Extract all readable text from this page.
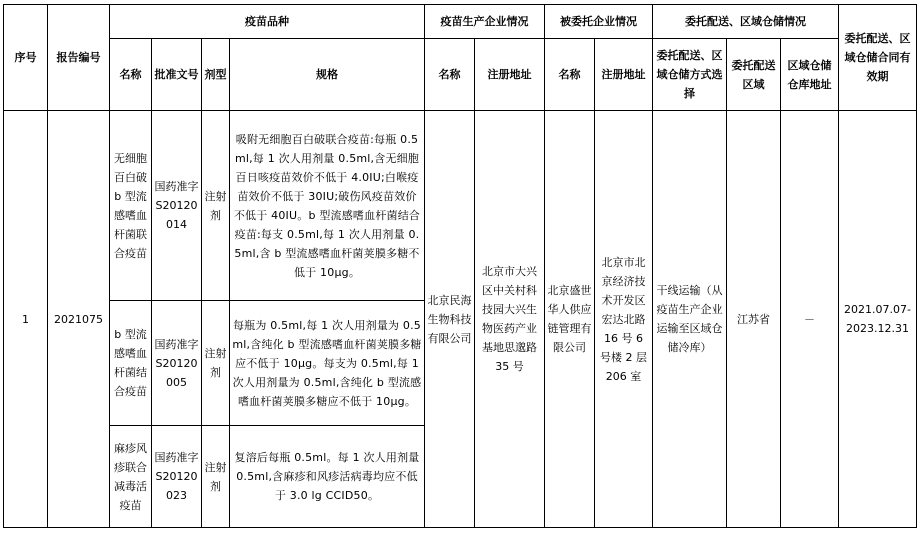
序号	报告编号	疫苗品种				疫苗生产企业情况		被委托企业情况		委托配送、区域仓储情况			委托配送、区域仓储合同有效期
		名称	批准文号	剂型	规格	名称	注册地址	名称	注册地址	委托配送、区域仓储方式选择	委托配送区域	区域仓储仓库地址	
1	2021075	无细胞百白破 b 型流感嗜血杆菌联合疫苗	国药准字 S20120014	注射剂	吸附无细胞百白破联合疫苗:每瓶 0.5ml,每 1 次人用剂量 0.5ml,含无细胞百日咳疫苗效价不低于 4.0IU;白喉疫苗效价不低于 30IU;破伤风疫苗效价不低于 40IU。b 型流感嗜血杆菌结合疫苗:每支 0.5ml,每 1 次人用剂量 0.5ml,含 b 型流感嗜血杆菌荚膜多糖不低于 10μg。	北京民海生物科技有限公司	北京市大兴区中关村科技园大兴生物医药产业基地思邈路 35 号	北京盛世华人供应链管理有限公司	北京市北京经济技术开发区宏达北路 16 号 6 号楼 2 层 206 室	干线运输（从疫苗生产企业运输至区域仓储冷库）	江苏省	－	2021.07.07-2023.12.31
		b 型流感嗜血杆菌结合疫苗	国药准字 S20120005	注射剂	每瓶为 0.5ml,每 1 次人用剂量为 0.5ml,含纯化 b 型流感嗜血杆菌荚膜多糖应不低于 10μg。每支为 0.5ml,每 1 次人用剂量为 0.5ml,含纯化 b 型流感嗜血杆菌荚膜多糖应不低于 10μg。								
		麻疹风疹联合减毒活疫苗	国药准字 S20120023	注射剂	复溶后每瓶 0.5ml。每 1 次人用剂量 0.5ml,含麻疹和风疹活病毒均应不低于 3.0 lg CCID50。								
